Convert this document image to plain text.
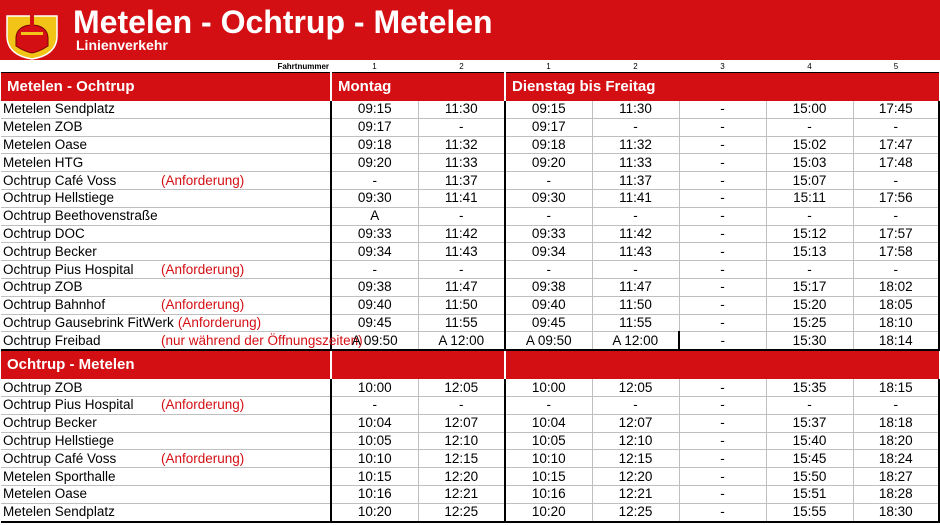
Metelen - Ochtrup - Metelen
Linienverkehr
Fahrtnummer	1	2	1	2	3	4	5
Metelen - Ochtrup	Montag		Dienstag bis Freitag				
Metelen Sendplatz	09:15	11:30	09:15	11:30	-	15:00	17:45
Metelen ZOB	09:17	-	09:17	-	-	-	-
Metelen Oase	09:18	11:32	09:18	11:32	-	15:02	17:47
Metelen HTG	09:20	11:33	09:20	11:33	-	15:03	17:48
Ochtrup Café Voss (Anforderung)	-	11:37	-	11:37	-	15:07	-
Ochtrup Hellstiege	09:30	11:41	09:30	11:41	-	15:11	17:56
Ochtrup Beethovenstraße	A	-	-	-	-	-	-
Ochtrup DOC	09:33	11:42	09:33	11:42	-	15:12	17:57
Ochtrup Becker	09:34	11:43	09:34	11:43	-	15:13	17:58
Ochtrup Pius Hospital (Anforderung)	-	-	-	-	-	-	-
Ochtrup ZOB	09:38	11:47	09:38	11:47	-	15:17	18:02
Ochtrup Bahnhof (Anforderung)	09:40	11:50	09:40	11:50	-	15:20	18:05
Ochtrup Gausebrink FitWerk (Anforderung)	09:45	11:55	09:45	11:55	-	15:25	18:10
Ochtrup Freibad (nur während der Öffnungszeiten)	A 09:50	A 12:00	A 09:50	A 12:00	-	15:30	18:14
Ochtrup - Metelen							
Ochtrup ZOB	10:00	12:05	10:00	12:05	-	15:35	18:15
Ochtrup Pius Hospital (Anforderung)	-	-	-	-	-	-	-
Ochtrup Becker	10:04	12:07	10:04	12:07	-	15:37	18:18
Ochtrup Hellstiege	10:05	12:10	10:05	12:10	-	15:40	18:20
Ochtrup Café Voss (Anforderung)	10:10	12:15	10:10	12:15	-	15:45	18:24
Metelen Sporthalle	10:15	12:20	10:15	12:20	-	15:50	18:27
Metelen Oase	10:16	12:21	10:16	12:21	-	15:51	18:28
Metelen Sendplatz	10:20	12:25	10:20	12:25	-	15:55	18:30
